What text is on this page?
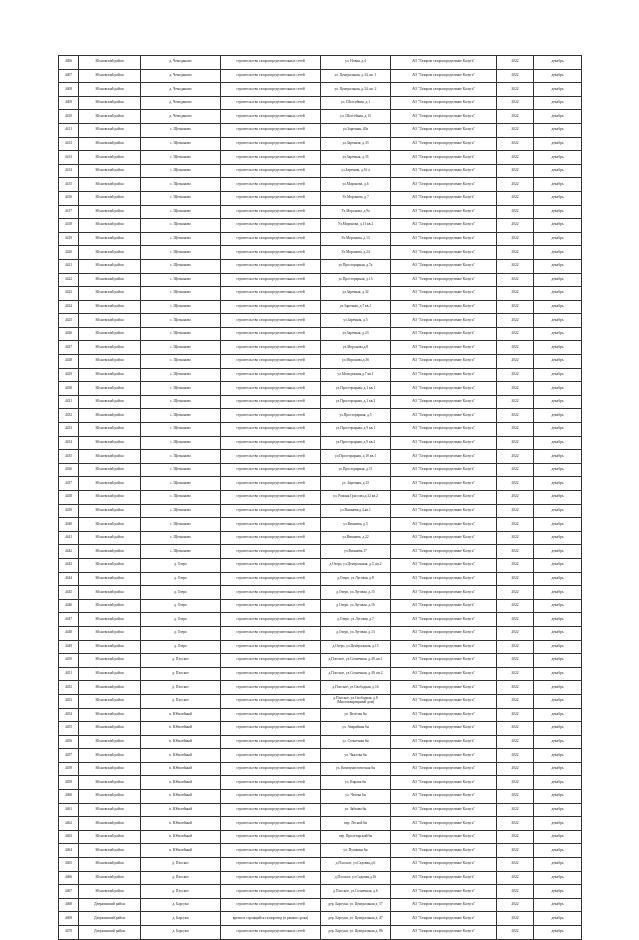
4406	Юхновский район	д. Чемоданово	строительство газораспределительных сетей	ул. Новая, д.4	АО "Газпром газораспределение Калуга"	2022	декабрь
4407	Юхновский район	д. Чемоданово	строительство газораспределительных сетей	ул. Центральная, д.34, кв. 1	АО "Газпром газораспределение Калуга"	2022	декабрь
4408	Юхновский район	д. Чемоданово	строительство газораспределительных сетей	ул. Центральная, д.34, кв. 2	АО "Газпром газораспределение Калуга"	2022	декабрь
4409	Юхновский район	д. Чемоданово	строительство газораспределительных сетей	ул. Шоссейная, д.1	АО "Газпром газораспределение Калуга"	2022	декабрь
4410	Юхновский район	д. Чемоданово	строительство газораспределительных сетей	ул. Шоссейная, д.15	АО "Газпром газораспределение Калуга"	2022	декабрь
4411	Юхновский район	с. Щелканово	строительство газораспределительных сетей	ул.Заречная, 40а	АО "Газпром газораспределение Калуга"	2022	декабрь
4412	Юхновский район	с. Щелканово	строительство газораспределительных сетей	ул.Заречная, д.33	АО "Газпром газораспределение Калуга"	2022	декабрь
4413	Юхновский район	с. Щелканово	строительство газораспределительных сетей	ул.Заречная, д.35	АО "Газпром газораспределение Калуга"	2022	декабрь
4414	Юхновский район	с. Щелканово	строительство газораспределительных сетей	ул.Заречная, д.16 а	АО "Газпром газораспределение Калуга"	2022	декабрь
4415	Юхновский район	с. Щелканово	строительство газораспределительных сетей	ул.Моронова, д.6	АО "Газпром газораспределение Калуга"	2022	декабрь
4416	Юхновский район	с. Щелканово	строительство газораспределительных сетей	Ул.Моронова, д.7	АО "Газпром газораспределение Калуга"	2022	декабрь
4417	Юхновский район	с. Щелканово	строительство газораспределительных сетей	Ул.Моронова, д.9а	АО "Газпром газораспределение Калуга"	2022	декабрь
4418	Юхновский район	с. Щелканово	строительство газораспределительных сетей	Ул.Моронова, д.11 кв.2	АО "Газпром газораспределение Калуга"	2022	декабрь
4419	Юхновский район	с. Щелканово	строительство газораспределительных сетей	Ул.Моронова, д.13	АО "Газпром газораспределение Калуга"	2022	декабрь
4420	Юхновский район	с. Щелканово	строительство газораспределительных сетей	Ул.Моронова, д.24	АО "Газпром газораспределение Калуга"	2022	декабрь
4421	Юхновский район	с. Щелканово	строительство газораспределительных сетей	ул.Просторарная, д.7а	АО "Газпром газораспределение Калуга"	2022	декабрь
4422	Юхновский район	с. Щелканово	строительство газораспределительных сетей	ул.Просторарная, д.13	АО "Газпром газораспределение Калуга"	2022	декабрь
4423	Юхновский район	с. Щелканово	строительство газораспределительных сетей	ул.Заречная, д.32	АО "Газпром газораспределение Калуга"	2022	декабрь
4424	Юхновский район	с. Щелканово	строительство газораспределительных сетей	ул.Заречная, д.7 кв.1	АО "Газпром газораспределение Калуга"	2022	декабрь
4425	Юхновский район	с. Щелканово	строительство газораспределительных сетей	ул.Заречная, д.5	АО "Газпром газораспределение Калуга"	2022	декабрь
4426	Юхновский район	с. Щелканово	строительство газораспределительных сетей	ул.Заречная, д.23	АО "Газпром газораспределение Калуга"	2022	декабрь
4427	Юхновский район	с. Щелканово	строительство газораспределительных сетей	ул.Моронова,д.8	АО "Газпром газораспределение Калуга"	2022	декабрь
4428	Юхновский район	с. Щелканово	строительство газораспределительных сетей	ул.Моронова,д.36	АО "Газпром газораспределение Калуга"	2022	декабрь
4429	Юхновский район	с. Щелканово	строительство газораспределительных сетей	ул.Молодежная,д.7 кв.1	АО "Газпром газораспределение Калуга"	2022	декабрь
4430	Юхновский район	с. Щелканово	строительство газораспределительных сетей	ул.Просторарная, д.1 кв.1	АО "Газпром газораспределение Калуга"	2022	декабрь
4431	Юхновский район	с. Щелканово	строительство газораспределительных сетей	ул.Просторарная, д.1 кв.3	АО "Газпром газораспределение Калуга"	2022	декабрь
4432	Юхновский район	с. Щелканово	строительство газораспределительных сетей	ул.Просторарная, д.5	АО "Газпром газораспределение Калуга"	2022	декабрь
4433	Юхновский район	с. Щелканово	строительство газораспределительных сетей	ул.Просторарная, д.9 кв.1	АО "Газпром газораспределение Калуга"	2022	декабрь
4434	Юхновский район	с. Щелканово	строительство газораспределительных сетей	ул.Просторарная, д.9 кв.2	АО "Газпром газораспределение Калуга"	2022	декабрь
4435	Юхновский район	с. Щелканово	строительство газораспределительных сетей	ул.Просторарная, д.10 кв.1	АО "Газпром газораспределение Калуга"	2022	декабрь
4436	Юхновский район	с. Щелканово	строительство газораспределительных сетей	ул.Просторарная, д.11	АО "Газпром газораспределение Калуга"	2022	декабрь
4437	Юхновский район	с. Щелканово	строительство газораспределительных сетей	ул. Заречная, д.25	АО "Газпром газораспределение Калуга"	2022	декабрь
4438	Юхновский район	с. Щелканово	строительство газораспределительных сетей	ул. Романа Грассова,д.32 кв.2	АО "Газпром газораспределение Калуга"	2022	декабрь
4439	Юхновский район	с. Щелканово	строительство газораспределительных сетей	ул.Вишнева,д.4 кв.1	АО "Газпром газораспределение Калуга"	2022	декабрь
4440	Юхновский район	с. Щелканово	строительство газораспределительных сетей	ул.Вишнева, д.5	АО "Газпром газораспределение Калуга"	2022	декабрь
4441	Юхновский район	с. Щелканово	строительство газораспределительных сетей	ул.Вишнева, д.22	АО "Газпром газораспределение Калуга"	2022	декабрь
4442	Юхновский район	с. Щелканово	строительство газораспределительных сетей	ул.Вишнева,17	АО "Газпром газораспределение Калуга"	2022	декабрь
4443	Юхновский район	д. Озеро	строительство газораспределительных сетей	д.Озеро, ул.Центральная, д.3, кв.2	АО "Газпром газораспределение Калуга"	2022	декабрь
4444	Юхновский район	д. Озеро	строительство газораспределительных сетей	д.Озеро, ул.Луговая, д.8	АО "Газпром газораспределение Калуга"	2022	декабрь
4445	Юхновский район	д. Озеро	строительство газораспределительных сетей	д.Озеро, ул.Луговая, д.15	АО "Газпром газораспределение Калуга"	2022	декабрь
4446	Юхновский район	д. Озеро	строительство газораспределительных сетей	д.Озеро, ул.Луговая, д.16	АО "Газпром газораспределение Калуга"	2022	декабрь
4447	Юхновский район	д. Озеро	строительство газораспределительных сетей	д.Озеро, ул.Луговая, д.7	АО "Газпром газораспределение Калуга"	2022	декабрь
4448	Юхновский район	д. Озеро	строительство газораспределительных сетей	д.Озеро, ул.Луговая, д.13	АО "Газпром газораспределение Калуга"	2022	декабрь
4449	Юхновский район	д. Озеро	строительство газораспределительных сетей	д.Озеро, ул.Центральная, д.13	АО "Газпром газораспределение Калуга"	2022	декабрь
4450	Юхновский район	д. Плоское	строительство газораспределительных сетей	д.Плоское, ул.Солнечная, д.49, кв.1	АО "Газпром газораспределение Калуга"	2022	декабрь
4451	Юхновский район	д. Плоское	строительство газораспределительных сетей	д.Плоское, ул.Солнечная, д.49, кв.2	АО "Газпром газораспределение Калуга"	2022	декабрь
4452	Юхновский район	д. Плоское	строительство газораспределительных сетей	д.Плоское, ул.Свободная, д.16	АО "Газпром газораспределение Калуга"	2022	декабрь
4453	Юхновский район	д. Плоское	строительство газораспределительных сетей	д.Плоское, ул.Свободная, д.8 (Многоквартирный дом)	АО "Газпром газораспределение Калуга"	2022	декабрь
4454	Юхновский район	п. Юбилейный	строительство газораспределительных сетей	ул. Весёлая 6н	АО "Газпром газораспределение Калуга"	2022	декабрь
4455	Юхновский район	п. Юбилейный	строительство газораспределительных сетей	ул. Аварийная 6н	АО "Газпром газораспределение Калуга"	2022	декабрь
4456	Юхновский район	п. Юбилейный	строительство газораспределительных сетей	ул. Солнечная 6н	АО "Газпром газораспределение Калуга"	2022	декабрь
4457	Юхновский район	п. Юбилейный	строительство газораспределительных сетей	ул. Чкалова 6н	АО "Газпром газораспределение Калуга"	2022	декабрь
4458	Юхновский район	п. Юбилейный	строительство газораспределительных сетей	ул. Коммунистическая 6н	АО "Газпром газораспределение Калуга"	2022	декабрь
4459	Юхновский район	п. Юбилейный	строительство газораспределительных сетей	ул. Кирова 6н	АО "Газпром газораспределение Калуга"	2022	декабрь
4460	Юхновский район	п. Юбилейный	строительство газораспределительных сетей	ул. Чехова 6н	АО "Газпром газораспределение Калуга"	2022	декабрь
4461	Юхновский район	п. Юбилейный	строительство газораспределительных сетей	ул. Зябкова 6н	АО "Газпром газораспределение Калуга"	2022	декабрь
4462	Юхновский район	п. Юбилейный	строительство газораспределительных сетей	пер. Лесной 6н	АО "Газпром газораспределение Калуга"	2022	декабрь
4463	Юхновский район	п. Юбилейный	строительство газораспределительных сетей	пер. Пролетарский 6н	АО "Газпром газораспределение Калуга"	2022	декабрь
4464	Юхновский район	п. Юбилейный	строительство газораспределительных сетей	ул. Пушкина 6н	АО "Газпром газораспределение Калуга"	2022	декабрь
4465	Юхновский район	д. Плоское	строительство газораспределительных сетей	д.Плоское, ул.Садовая,д.6	АО "Газпром газораспределение Калуга"	2022	декабрь
4466	Юхновский район	д. Плоское	строительство газораспределительных сетей	д.Плоское, ул.Садовая,д.16	АО "Газпром газораспределение Калуга"	2022	декабрь
4467	Юхновский район	д. Плоское	строительство газораспределительных сетей	д.Плоское, ул.Солнечная, д.6	АО "Газпром газораспределение Калуга"	2022	декабрь
4468	Дзержинский район	д. Барсуки	строительство газораспределительных сетей	дер. Барсуки, ул. Центральная д. 57	АО "Газпром газораспределение Калуга"	2022	декабрь
4469	Дзержинский район	д. Барсуки	врезка в строящийся газопровод (в рамках срока)	дер. Барсуки, ул. Центральная д. 47	АО "Газпром газораспределение Калуга"	2022	декабрь
4470	Дзержинский район	д. Барсуки	строительство газораспределительных сетей	дер. Барсуки, ул. Центральная д. 86	АО "Газпром газораспределение Калуга"	2022	декабрь
